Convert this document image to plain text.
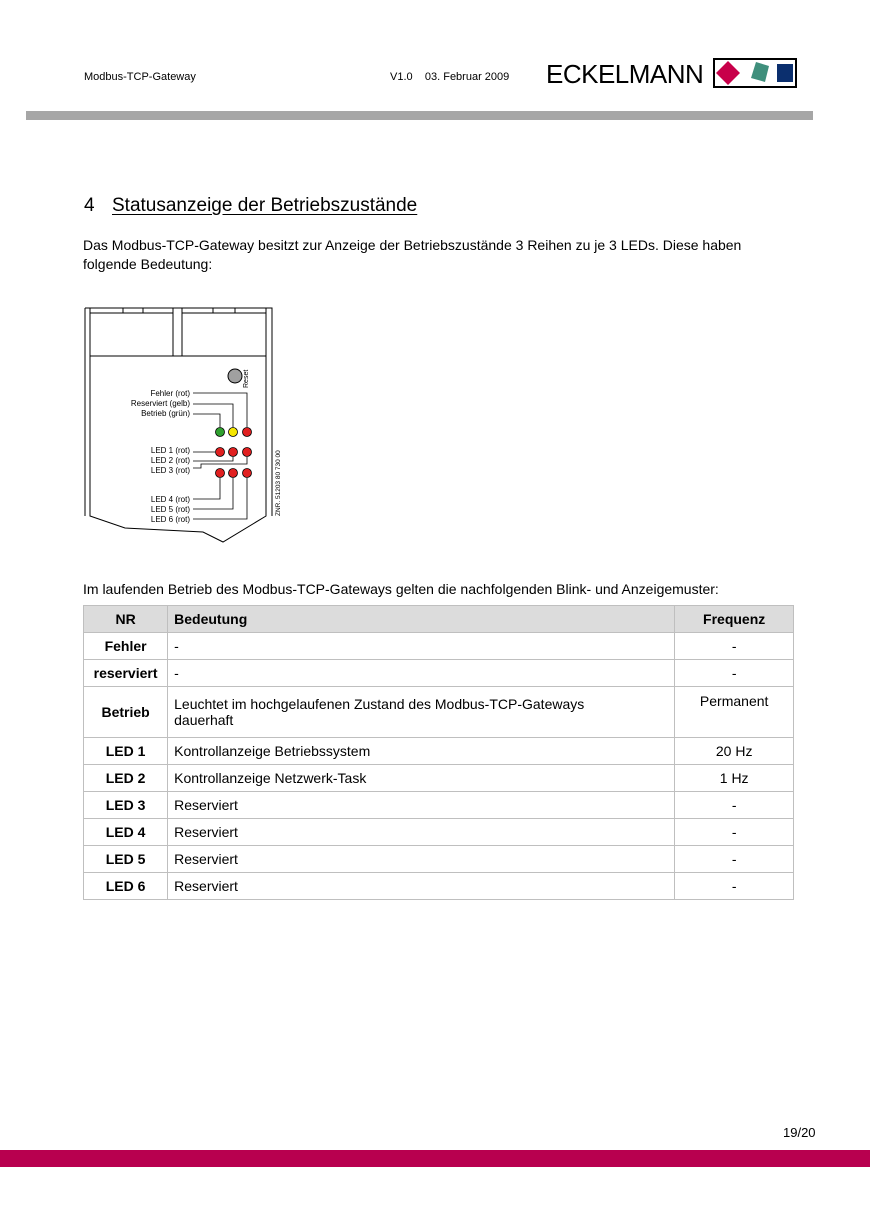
Modbus-TCP-Gateway	V1.0 03. Februar 2009 ECKELMANN
4 Statusanzeige der Betriebszustände
Das Modbus-TCP-Gateway besitzt zur Anzeige der Betriebszustände 3 Reihen zu je 3 LEDs. Diese haben folgende Bedeutung:
Reset
Fehler (rot)
Reserviert (gelb)
Betrieb (grün)
LED 1 (rot)
LED 2 (rot)
LED 3 (rot)
LED 4 (rot)
LED 5 (rot)
LED 6 (rot)
ZNR. 51203 80 730 00
Im laufenden Betrieb des Modbus-TCP-Gateways gelten die nachfolgenden Blink- und Anzeigemuster:
NR	Bedeutung	Frequenz
Fehler	-	-
reserviert	-	-
Betrieb	Leuchtet im hochgelaufenen Zustand des Modbus-TCP-Gateways dauerhaft	Permanent
LED 1	Kontrollanzeige Betriebssystem	20 Hz
LED 2	Kontrollanzeige Netzwerk-Task	1 Hz
LED 3	Reserviert	-
LED 4	Reserviert	-
LED 5	Reserviert	-
LED 6	Reserviert	-
19/20
